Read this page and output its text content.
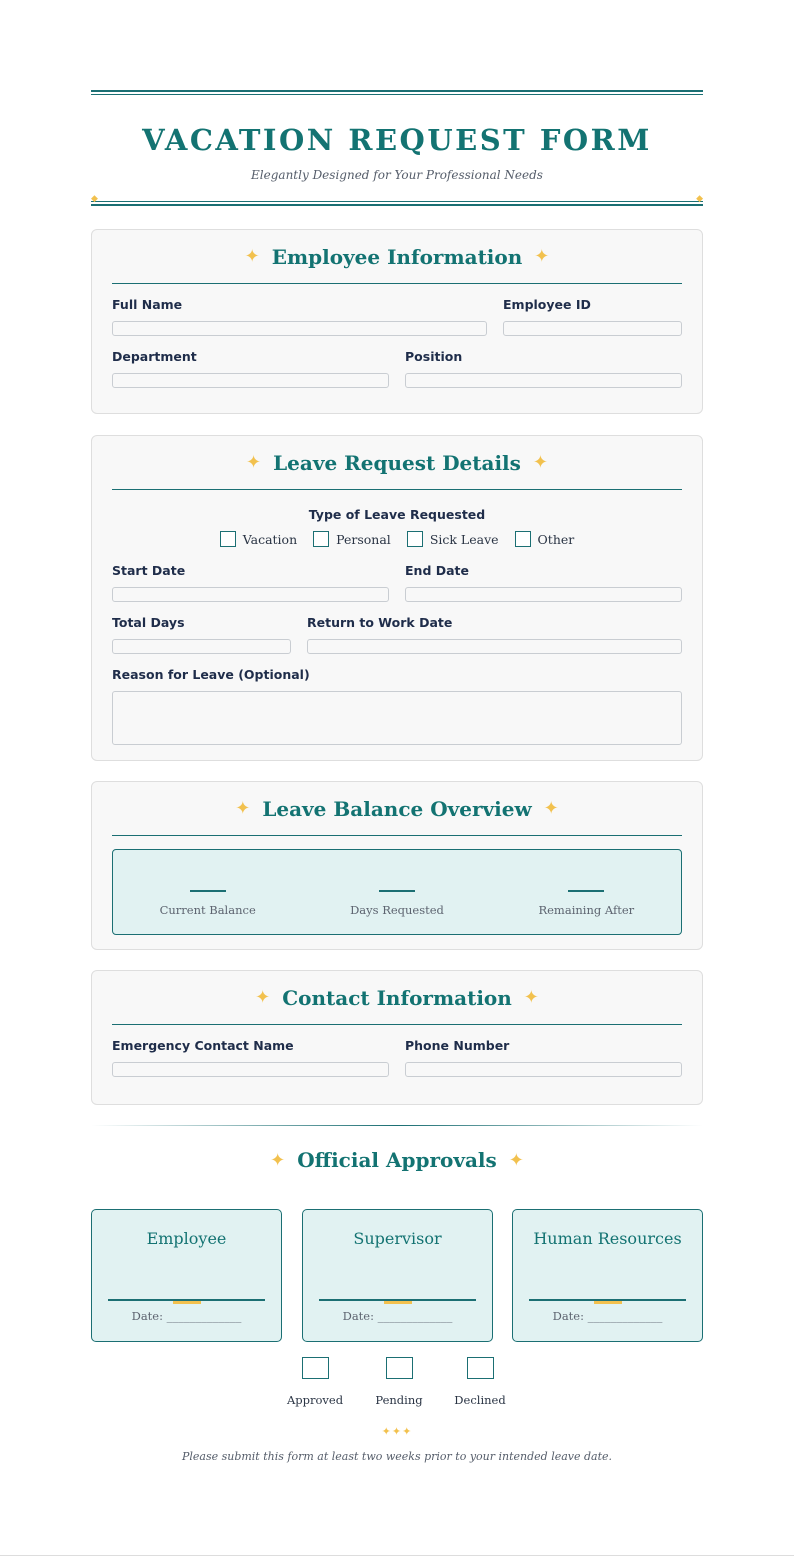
VACATION REQUEST FORM
Elegantly Designed for Your Professional Needs
◆	◆
✦ Employee Information ✦
Full Name	Employee ID
Department	Position
✦ Leave Request Details ✦
Type of Leave Requested
Vacation	Personal	Sick Leave	Other
Start Date	End Date
Total Days	Return to Work Date
Reason for Leave (Optional)
✦ Leave Balance Overview ✦
Current Balance	Days Requested	Remaining After
✦ Contact Information ✦
Emergency Contact Name	Phone Number
✦ Official Approvals ✦
Employee
Date: _____________
Supervisor
Date: _____________
Human Resources
Date: _____________
Approved	Pending	Declined
✦✦✦
Please submit this form at least two weeks prior to your intended leave date.
